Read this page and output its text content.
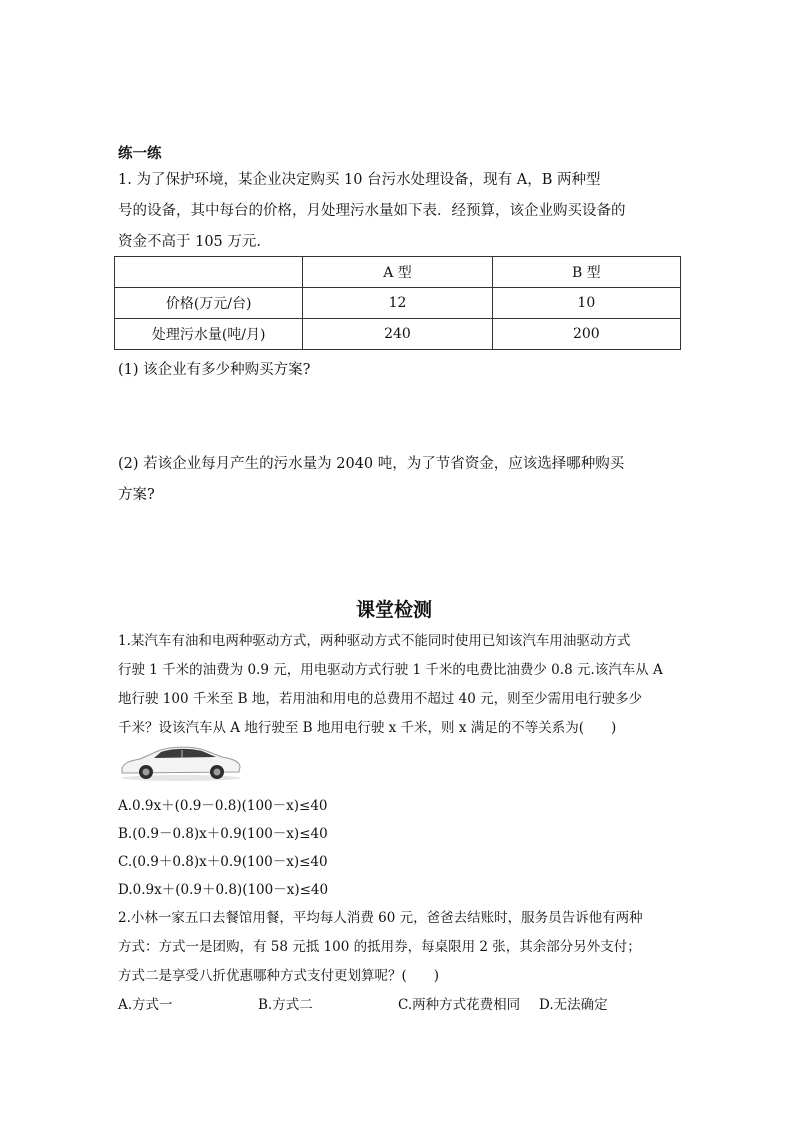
练一练
1. 为了保护环境，某企业决定购买 10 台污水处理设备，现有 A，B 两种型
号的设备，其中每台的价格，月处理污水量如下表．经预算，该企业购买设备的
资金不高于 105 万元.
	A 型	B 型
价格(万元/台)	12	10
处理污水量(吨/月)	240	200
(1) 该企业有多少种购买方案?
(2) 若该企业每月产生的污水量为 2040 吨，为了节省资金，应该选择哪种购买
方案?
课堂检测
1.某汽车有油和电两种驱动方式，两种驱动方式不能同时使用已知该汽车用油驱动方式
行驶 1 千米的油费为 0.9 元，用电驱动方式行驶 1 千米的电费比油费少 0.8 元.该汽车从 A
地行驶 100 千米至 B 地，若用油和用电的总费用不超过 40 元，则至少需用电行驶多少
千米？设该汽车从 A 地行驶至 B 地用电行驶 x 千米，则 x 满足的不等关系为(　　)
A.0.9x＋(0.9－0.8)(100－x)≤40
B.(0.9－0.8)x＋0.9(100－x)≤40
C.(0.9＋0.8)x＋0.9(100－x)≤40
D.0.9x＋(0.9＋0.8)(100－x)≤40
2.小林一家五口去餐馆用餐，平均每人消费 60 元，爸爸去结账时，服务员告诉他有两种
方式：方式一是团购，有 58 元抵 100 的抵用券，每桌限用 2 张，其余部分另外支付；
方式二是享受八折优惠哪种方式支付更划算呢？(　　)
A.方式一	B.方式二	C.两种方式花费相同 D.无法确定
